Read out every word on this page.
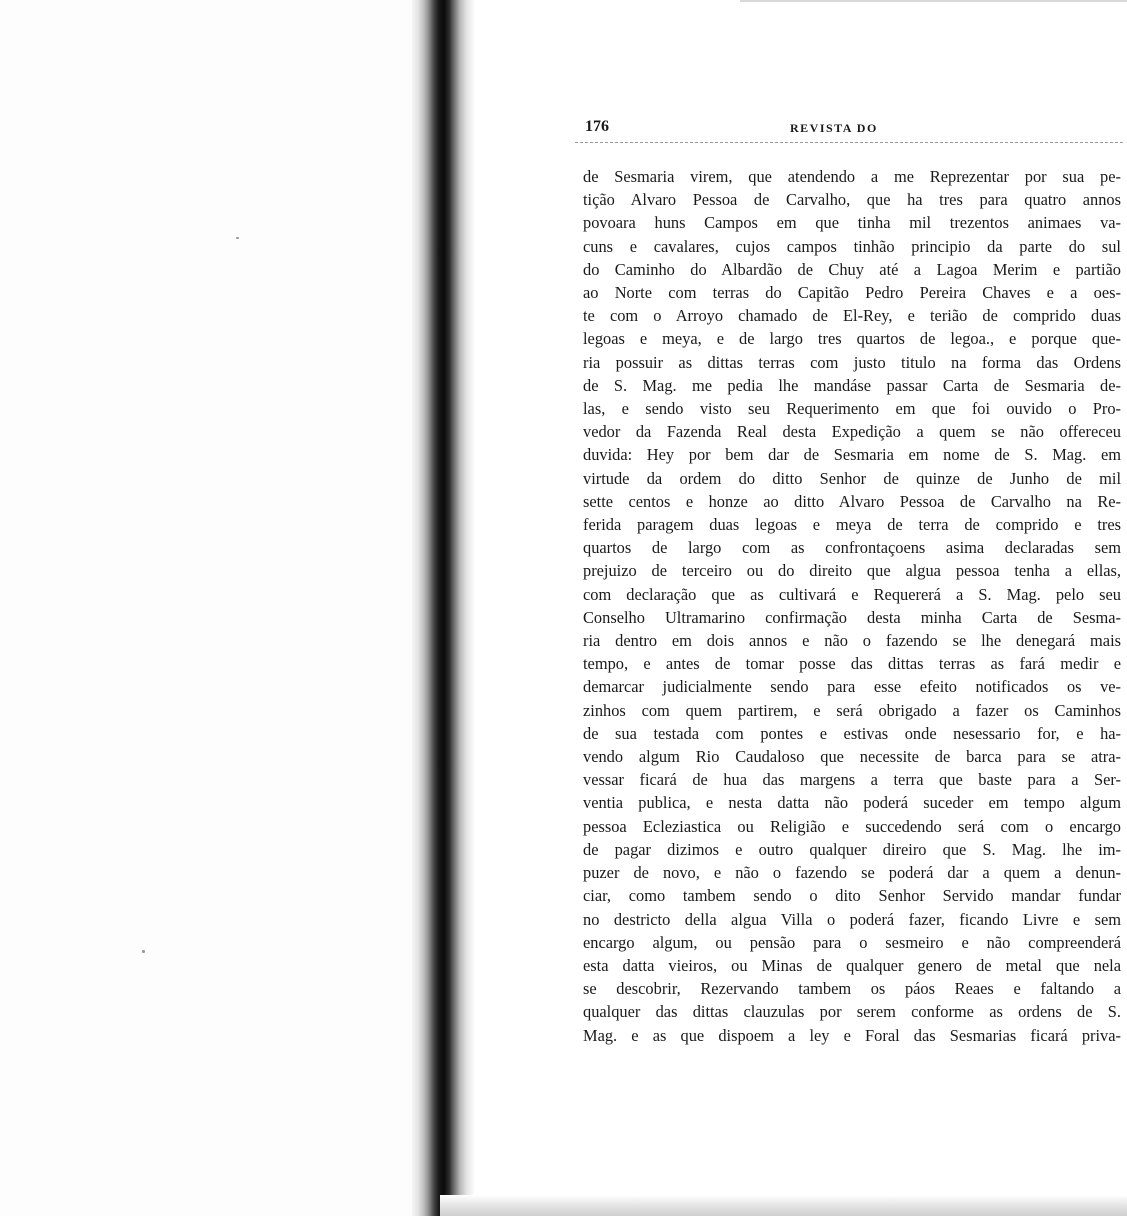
176	REVISTA DO
de Sesmaria virem, que atendendo a me Reprezentar por sua pe-
tição Alvaro Pessoa de Carvalho, que ha tres para quatro annos
povoara huns Campos em que tinha mil trezentos animaes va-
cuns e cavalares, cujos campos tinhão principio da parte do sul
do Caminho do Albardão de Chuy até a Lagoa Merim e partião
ao Norte com terras do Capitão Pedro Pereira Chaves e a oes-
te com o Arroyo chamado de El-Rey, e terião de comprido duas
legoas e meya, e de largo tres quartos de legoa., e porque que-
ria possuir as dittas terras com justo titulo na forma das Ordens
de S. Mag. me pedia lhe mandáse passar Carta de Sesmaria de-
las, e sendo visto seu Requerimento em que foi ouvido o Pro-
vedor da Fazenda Real desta Expedição a quem se não offereceu
duvida: Hey por bem dar de Sesmaria em nome de S. Mag. em
virtude da ordem do ditto Senhor de quinze de Junho de mil
sette centos e honze ao ditto Alvaro Pessoa de Carvalho na Re-
ferida paragem duas legoas e meya de terra de comprido e tres
quartos de largo com as confrontaçoens asima declaradas sem
prejuizo de terceiro ou do direito que algua pessoa tenha a ellas,
com declaração que as cultivará e Requererá a S. Mag. pelo seu
Conselho Ultramarino confirmação desta minha Carta de Sesma-
ria dentro em dois annos e não o fazendo se lhe denegará mais
tempo, e antes de tomar posse das dittas terras as fará medir e
demarcar judicialmente sendo para esse efeito notificados os ve-
zinhos com quem partirem, e será obrigado a fazer os Caminhos
de sua testada com pontes e estivas onde nesessario for, e ha-
vendo algum Rio Caudaloso que necessite de barca para se atra-
vessar ficará de hua das margens a terra que baste para a Ser-
ventia publica, e nesta datta não poderá suceder em tempo algum
pessoa Ecleziastica ou Religião e succedendo será com o encargo
de pagar dizimos e outro qualquer direiro que S. Mag. lhe im-
puzer de novo, e não o fazendo se poderá dar a quem a denun-
ciar, como tambem sendo o dito Senhor Servido mandar fundar
no destricto della algua Villa o poderá fazer, ficando Livre e sem
encargo algum, ou pensão para o sesmeiro e não compreenderá
esta datta vieiros, ou Minas de qualquer genero de metal que nela
se descobrir, Rezervando tambem os páos Reaes e faltando a
qualquer das dittas clauzulas por serem conforme as ordens de S.
Mag. e as que dispoem a ley e Foral das Sesmarias ficará priva-
